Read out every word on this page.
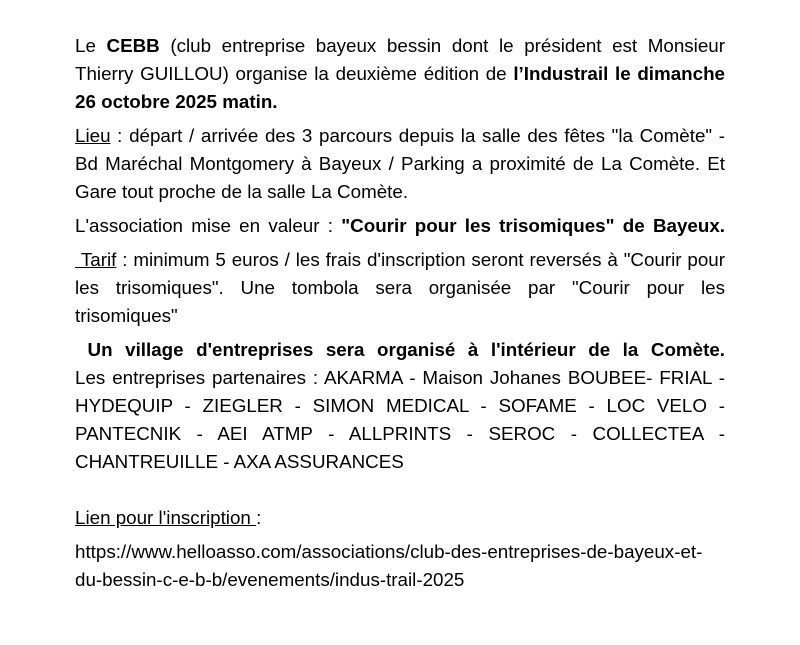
Le CEBB (club entreprise bayeux bessin dont le président est Monsieur
Thierry GUILLOU) organise la deuxième édition de l’Industrail le dimanche
26 octobre 2025 matin.
Lieu : départ / arrivée des 3 parcours depuis la salle des fêtes "la Comète" -
Bd Maréchal Montgomery à Bayeux / Parking a proximité de La Comète. Et
Gare tout proche de la salle La Comète.
L'association mise en valeur : "Courir pour les trisomiques" de Bayeux.
Tarif : minimum 5 euros / les frais d'inscription seront reversés à "Courir pour
les trisomiques". Une tombola sera organisée par "Courir pour les
trisomiques"
Un village d'entreprises sera organisé à l'intérieur de la Comète.
Les entreprises partenaires : AKARMA - Maison Johanes BOUBEE- FRIAL -
HYDEQUIP - ZIEGLER - SIMON MEDICAL - SOFAME - LOC VELO -
PANTECNIK - AEI ATMP - ALLPRINTS - SEROC - COLLECTEA -
CHANTREUILLE - AXA ASSURANCES
Lien pour l'inscription :
https://www.helloasso.com/associations/club-des-entreprises-de-bayeux-et-
du-bessin-c-e-b-b/evenements/indus-trail-2025
